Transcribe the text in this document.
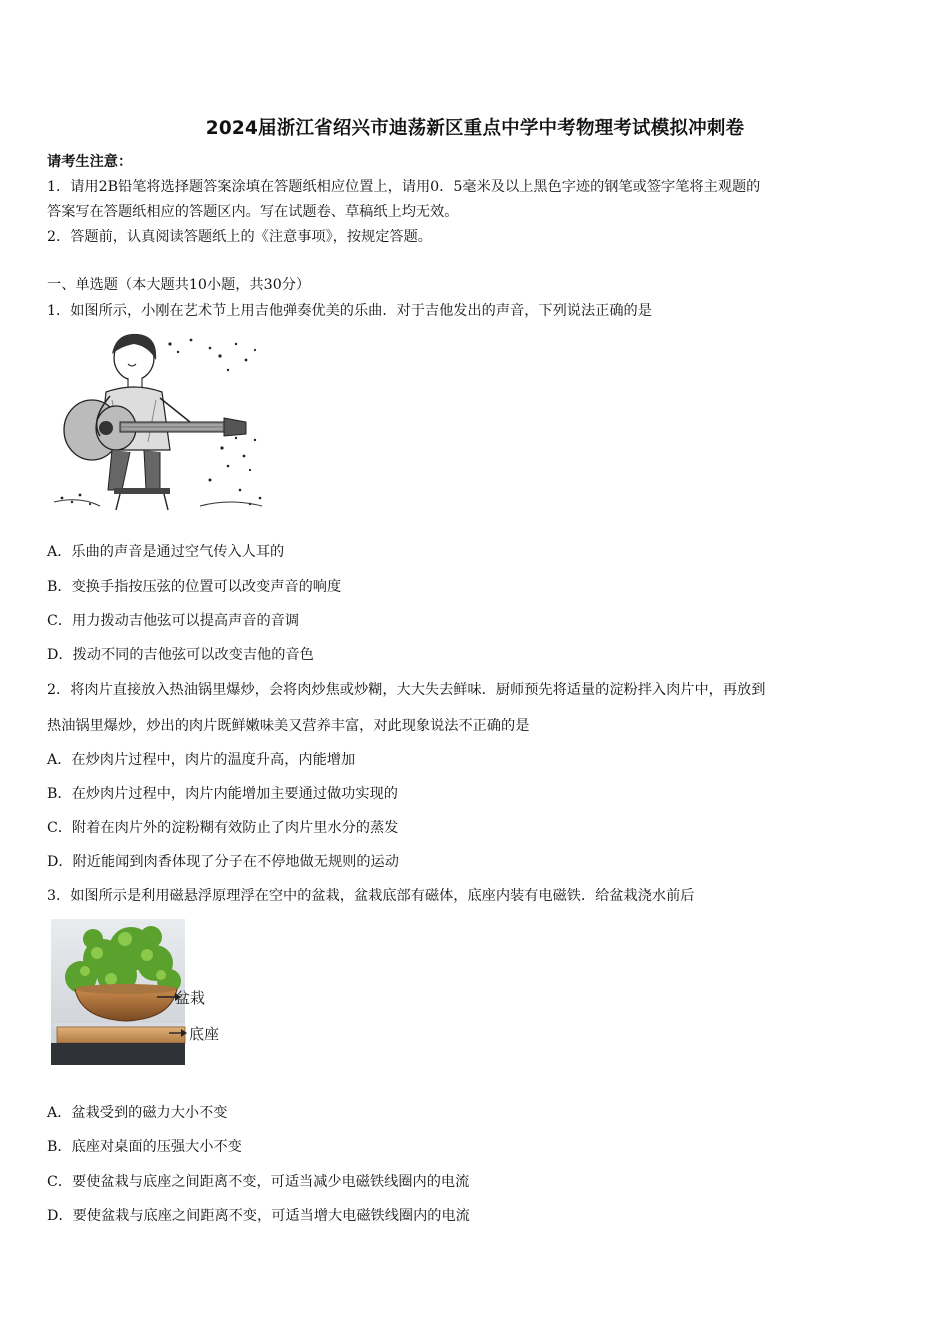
2024届浙江省绍兴市迪荡新区重点中学中考物理考试模拟冲刺卷
请考生注意：
1．请用2B铅笔将选择题答案涂填在答题纸相应位置上，请用0．5毫米及以上黑色字迹的钢笔或签字笔将主观题的
答案写在答题纸相应的答题区内。写在试题卷、草稿纸上均无效。
2．答题前，认真阅读答题纸上的《注意事项》，按规定答题。
一、单选题（本大题共10小题，共30分）
1．如图所示，小刚在艺术节上用吉他弹奏优美的乐曲．对于吉他发出的声音，下列说法正确的是
A．乐曲的声音是通过空气传入人耳的
B．变换手指按压弦的位置可以改变声音的响度
C．用力拨动吉他弦可以提高声音的音调
D．拨动不同的吉他弦可以改变吉他的音色
2．将肉片直接放入热油锅里爆炒，会将肉炒焦或炒糊，大大失去鲜味．厨师预先将适量的淀粉拌入肉片中，再放到
热油锅里爆炒，炒出的肉片既鲜嫩味美又营养丰富，对此现象说法不正确的是
A．在炒肉片过程中，肉片的温度升高，内能增加
B．在炒肉片过程中，肉片内能增加主要通过做功实现的
C．附着在肉片外的淀粉糊有效防止了肉片里水分的蒸发
D．附近能闻到肉香体现了分子在不停地做无规则的运动
3．如图所示是利用磁悬浮原理浮在空中的盆栽，盆栽底部有磁体，底座内装有电磁铁．给盆栽浇水前后
盆栽
底座
A．盆栽受到的磁力大小不变
B．底座对桌面的压强大小不变
C．要使盆栽与底座之间距离不变，可适当减少电磁铁线圈内的电流
D．要使盆栽与底座之间距离不变，可适当增大电磁铁线圈内的电流
